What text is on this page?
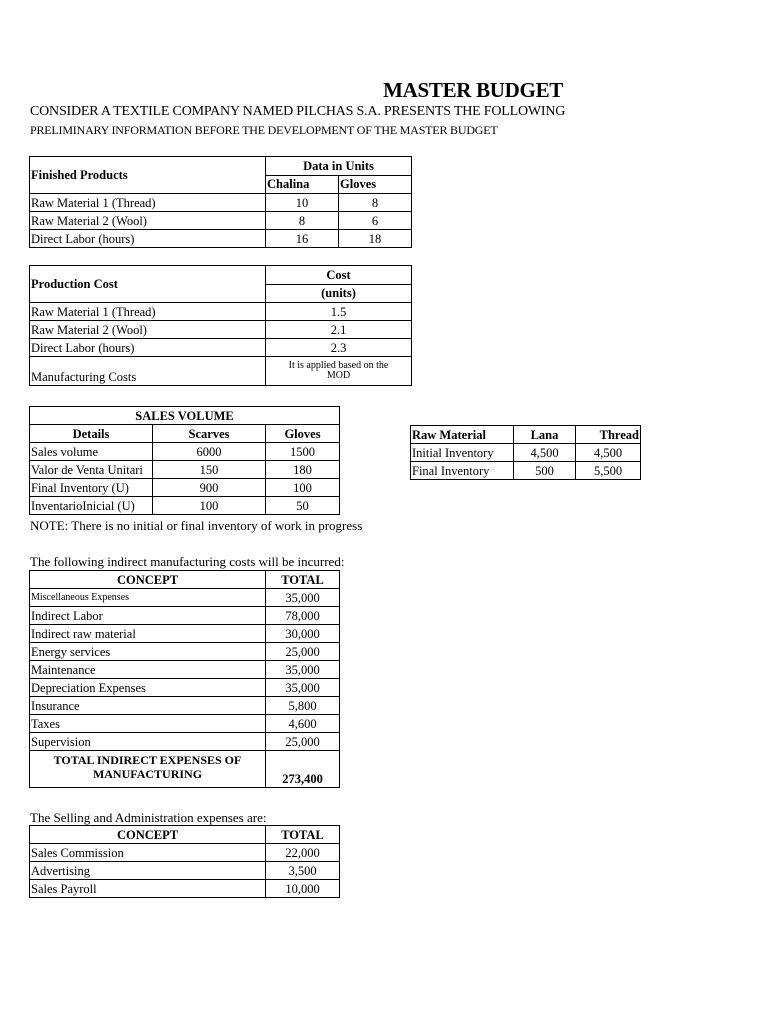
MASTER BUDGET
CONSIDER A TEXTILE COMPANY NAMED PILCHAS S.A. PRESENTS THE FOLLOWING
PRELIMINARY INFORMATION BEFORE THE DEVELOPMENT OF THE MASTER BUDGET
Finished Products	Data in Units	
	Chalina	Gloves
Raw Material 1 (Thread)	10	8
Raw Material 2 (Wool)	8	6
Direct Labor (hours)	16	18
Production Cost	Cost
	(units)
Raw Material 1 (Thread)	1.5
Raw Material 2 (Wool)	2.1
Direct Labor (hours)	2.3
Manufacturing Costs	It is applied based on the
MOD
SALES VOLUME		
Details	Scarves	Gloves
Sales volume	6000	1500
Valor de Venta Unitari	150	180
Final Inventory (U)	900	100
InventarioInicial (U)	100	50
NOTE: There is no initial or final inventory of work in progress
Raw Material	Lana	Thread
Initial Inventory	4,500	4,500
Final Inventory	500	5,500
The following indirect manufacturing costs will be incurred:
CONCEPT	TOTAL
Miscellaneous Expenses	35,000
Indirect Labor	78,000
Indirect raw material	30,000
Energy services	25,000
Maintenance	35,000
Depreciation Expenses	35,000
Insurance	5,800
Taxes	4,600
Supervision	25,000

TOTAL INDIRECT EXPENSES OF
MANUFACTURING	273,400
The Selling and Administration expenses are:
CONCEPT	TOTAL
Sales Commission	22,000
Advertising	3,500
Sales Payroll	10,000
